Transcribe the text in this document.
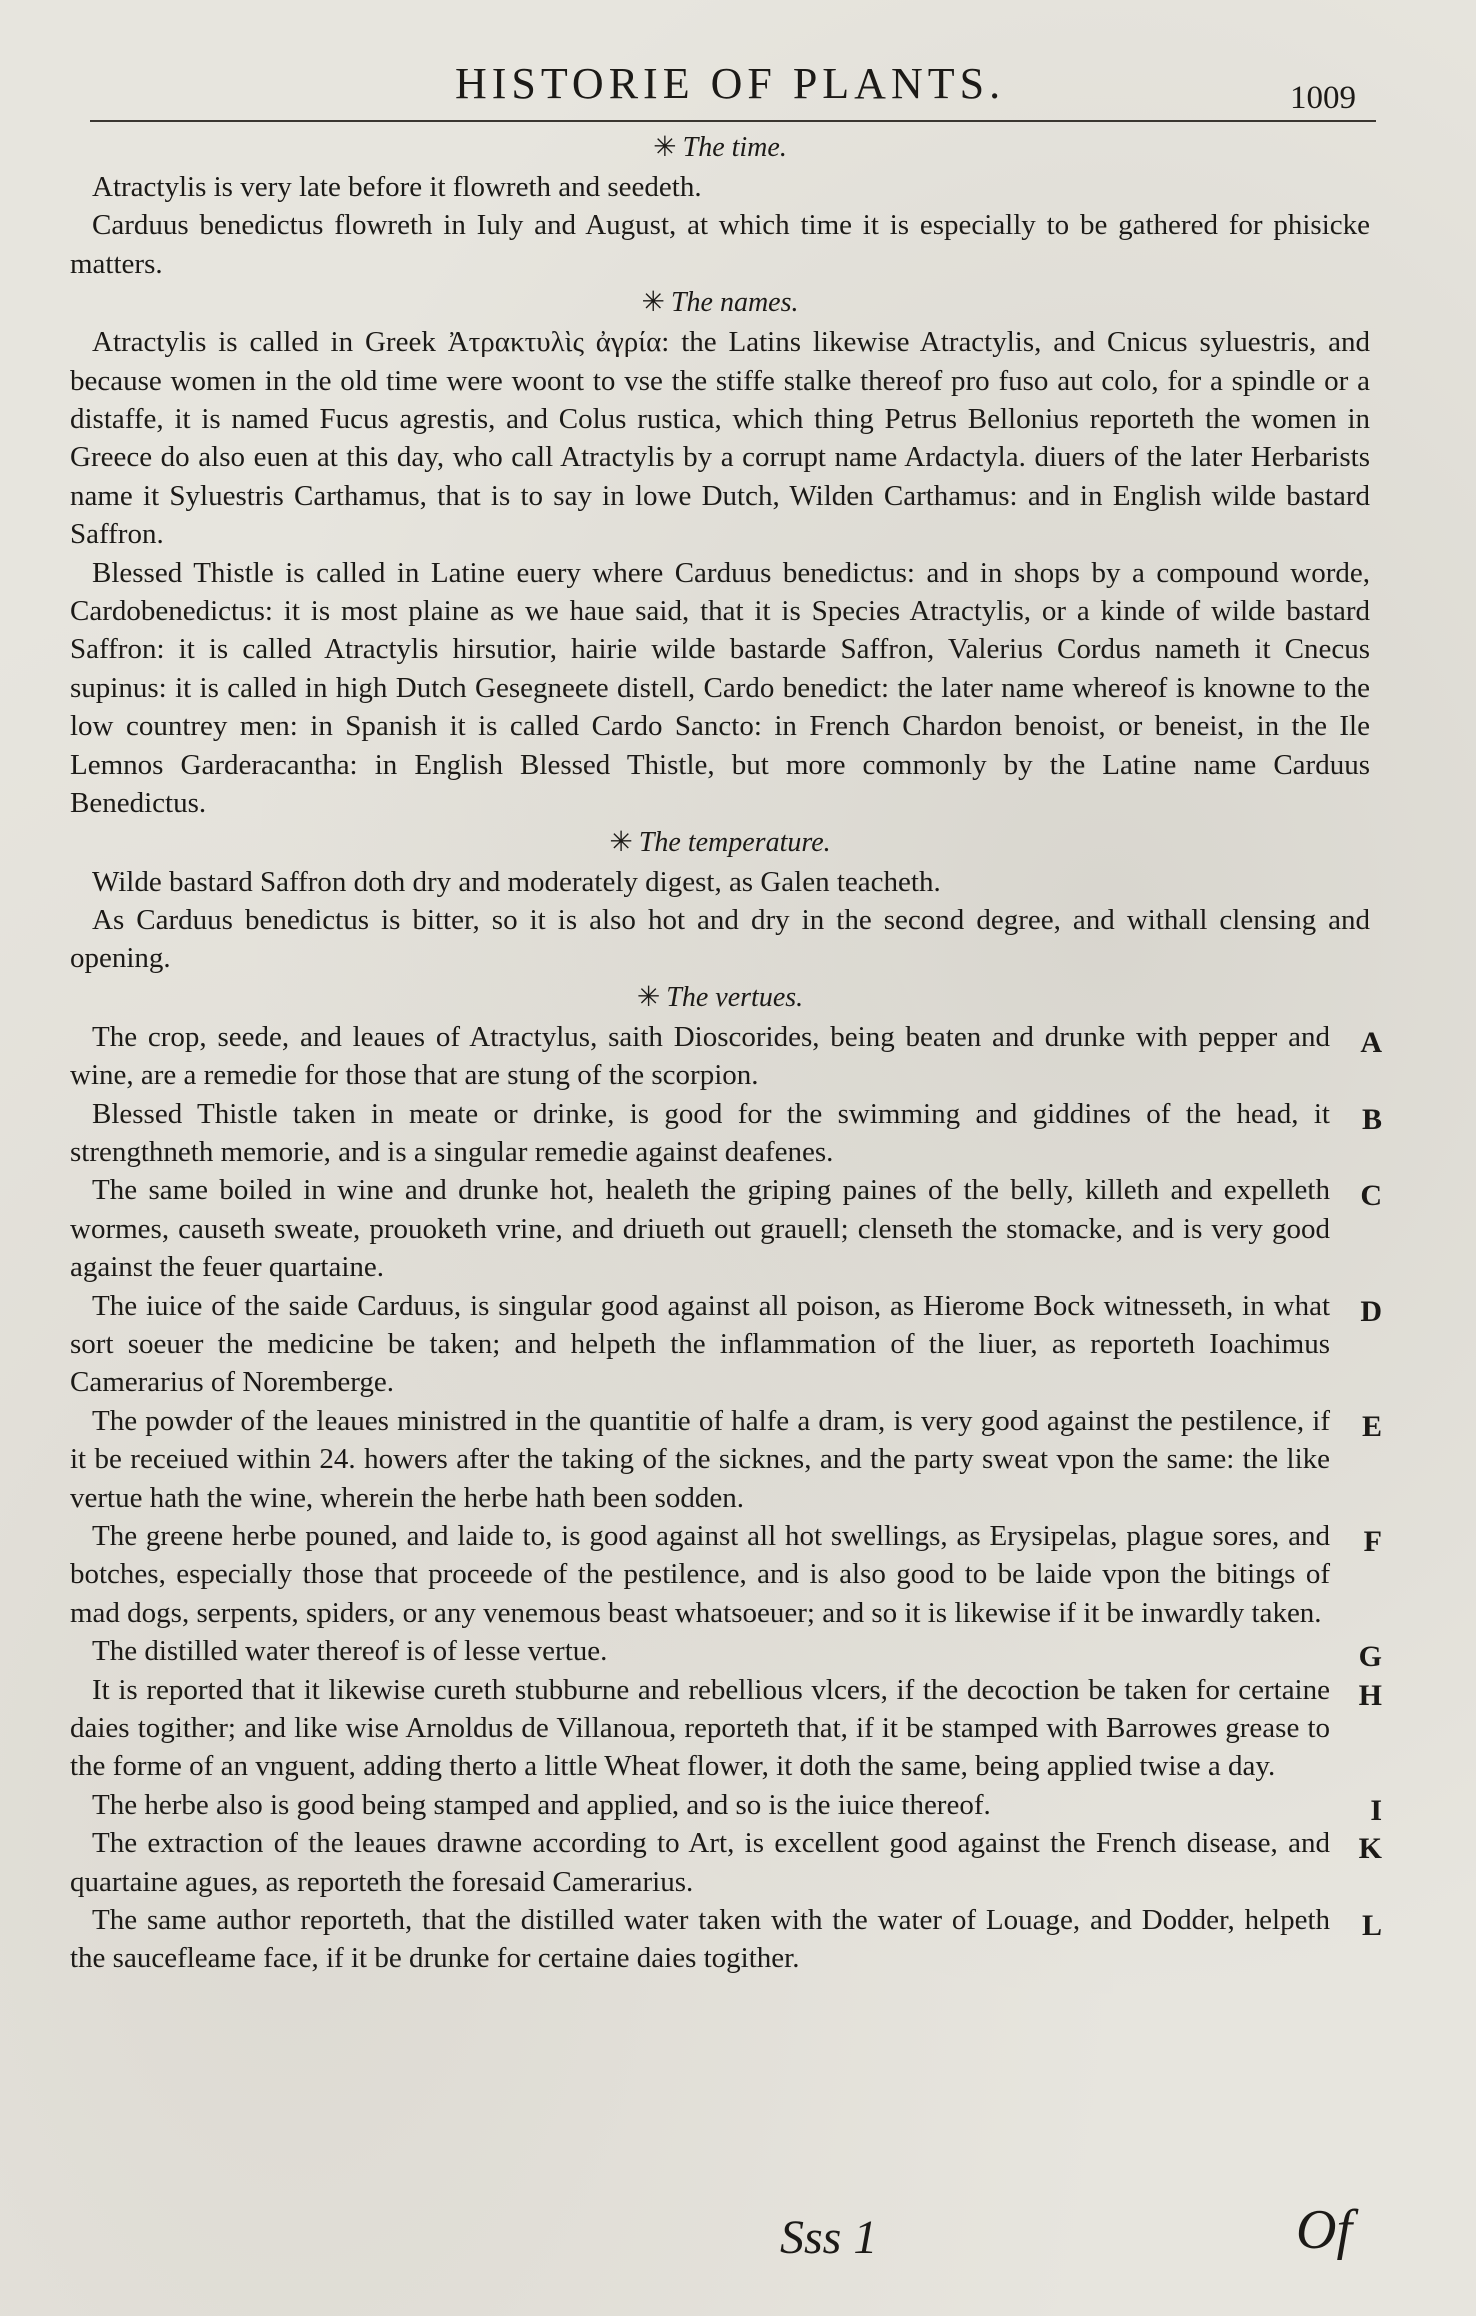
HISTORIE OF PLANTS.	1009
✳ The time.

Atractylis is very late before it flowreth and seedeth.

Carduus benedictus flowreth in Iuly and August, at which time it is especially to be gathered for phisicke matters.

✳ The names.

Atractylis is called in Greek Ἀτρακτυλὶς ἀγρία: the Latins likewise Atractylis, and Cnicus syluestris, and because women in the old time were woont to vse the stiffe stalke thereof pro fuso aut colo, for a spindle or a distaffe, it is named Fucus agrestis, and Colus rustica, which thing Petrus Bellonius reporteth the women in Greece do also euen at this day, who call Atractylis by a corrupt name Ardactyla. diuers of the later Herbarists name it Syluestris Carthamus, that is to say in lowe Dutch, Wilden Carthamus: and in English wilde bastard Saffron.

Blessed Thistle is called in Latine euery where Carduus benedictus: and in shops by a compound worde, Cardobenedictus: it is most plaine as we haue said, that it is Species Atractylis, or a kinde of wilde bastard Saffron: it is called Atractylis hirsutior, hairie wilde bastarde Saffron, Valerius Cordus nameth it Cnecus supinus: it is called in high Dutch Gesegneete distell, Cardo benedict: the later name whereof is knowne to the low countrey men: in Spanish it is called Cardo Sancto: in French Chardon benoist, or beneist, in the Ile Lemnos Garderacantha: in English Blessed Thistle, but more commonly by the Latine name Carduus Benedictus.

✳ The temperature.

Wilde bastard Saffron doth dry and moderately digest, as Galen teacheth.

As Carduus benedictus is bitter, so it is also hot and dry in the second degree, and withall clensing and opening.

✳ The vertues.

The crop, seede, and leaues of Atractylus, saith Dioscorides, being beaten and drunke with pepper and wine, are a remedie for those that are stung of the scorpion.
A

Blessed Thistle taken in meate or drinke, is good for the swimming and giddines of the head, it strengthneth memorie, and is a singular remedie against deafenes.
B

The same boiled in wine and drunke hot, healeth the griping paines of the belly, killeth and expelleth wormes, causeth sweate, prouoketh vrine, and driueth out grauell; clenseth the stomacke, and is very good against the feuer quartaine.
C

The iuice of the saide Carduus, is singular good against all poison, as Hierome Bock witnesseth, in what sort soeuer the medicine be taken; and helpeth the inflammation of the liuer, as reporteth Ioachimus Camerarius of Noremberge.
D

The powder of the leaues ministred in the quantitie of halfe a dram, is very good against the pestilence, if it be receiued within 24. howers after the taking of the sicknes, and the party sweat vpon the same: the like vertue hath the wine, wherein the herbe hath been sodden.
E

The greene herbe pouned, and laide to, is good against all hot swellings, as Erysipelas, plague sores, and botches, especially those that proceede of the pestilence, and is also good to be laide vpon the bitings of mad dogs, serpents, spiders, or any venemous beast whatsoeuer; and so it is likewise if it be inwardly taken.
F

The distilled water thereof is of lesse vertue.	G

It is reported that it likewise cureth stubburne and rebellious vlcers, if the decoction be taken for certaine daies togither; and like wise Arnoldus de Villanoua, reporteth that, if it be stamped with Barrowes grease to the forme of an vnguent, adding therto a little Wheat flower, it doth the same, being applied twise a day.
H

The herbe also is good being stamped and applied, and so is the iuice thereof.	I

The extraction of the leaues drawne according to Art, is excellent good against the French disease, and quartaine agues, as reporteth the foresaid Camerarius.
K

The same author reporteth, that the distilled water taken with the water of Louage, and Dodder, helpeth the saucefleame face, if it be drunke for certaine daies togither.
L

Sss 1	Of
